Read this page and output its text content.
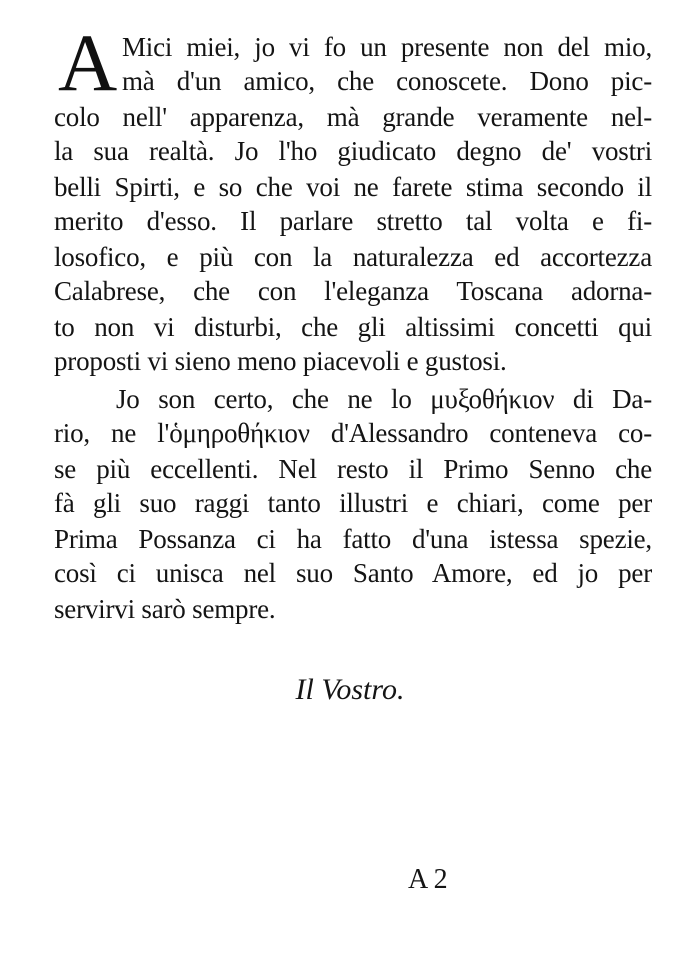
A Mici miei, jo vi fo un presente non del mio,
mà d'un amico, che conoscete. Dono pic-
colo nell' apparenza, mà grande veramente nel-
la sua realtà. Jo l'ho giudicato degno de' vostri
belli Spirti, e so che voi ne farete stima secondo il
merito d'esso. Il parlare stretto tal volta e fi-
losofico, e più con la naturalezza ed accortezza
Calabrese, che con l'eleganza Toscana adorna-
to non vi disturbi, che gli altissimi concetti qui
proposti vi sieno meno piacevoli e gustosi.
Jo son certo, che ne lo μυξοθήκιον di Da-
rio, ne l'ὁμηροθήκιον d'Alessandro conteneva co-
se più eccellenti. Nel resto il Primo Senno che
fà gli suo raggi tanto illustri e chiari, come per
Prima Possanza ci ha fatto d'una istessa spezie,
così ci unisca nel suo Santo Amore, ed jo per
servirvi sarò sempre.
Il Vostro.
A 2
